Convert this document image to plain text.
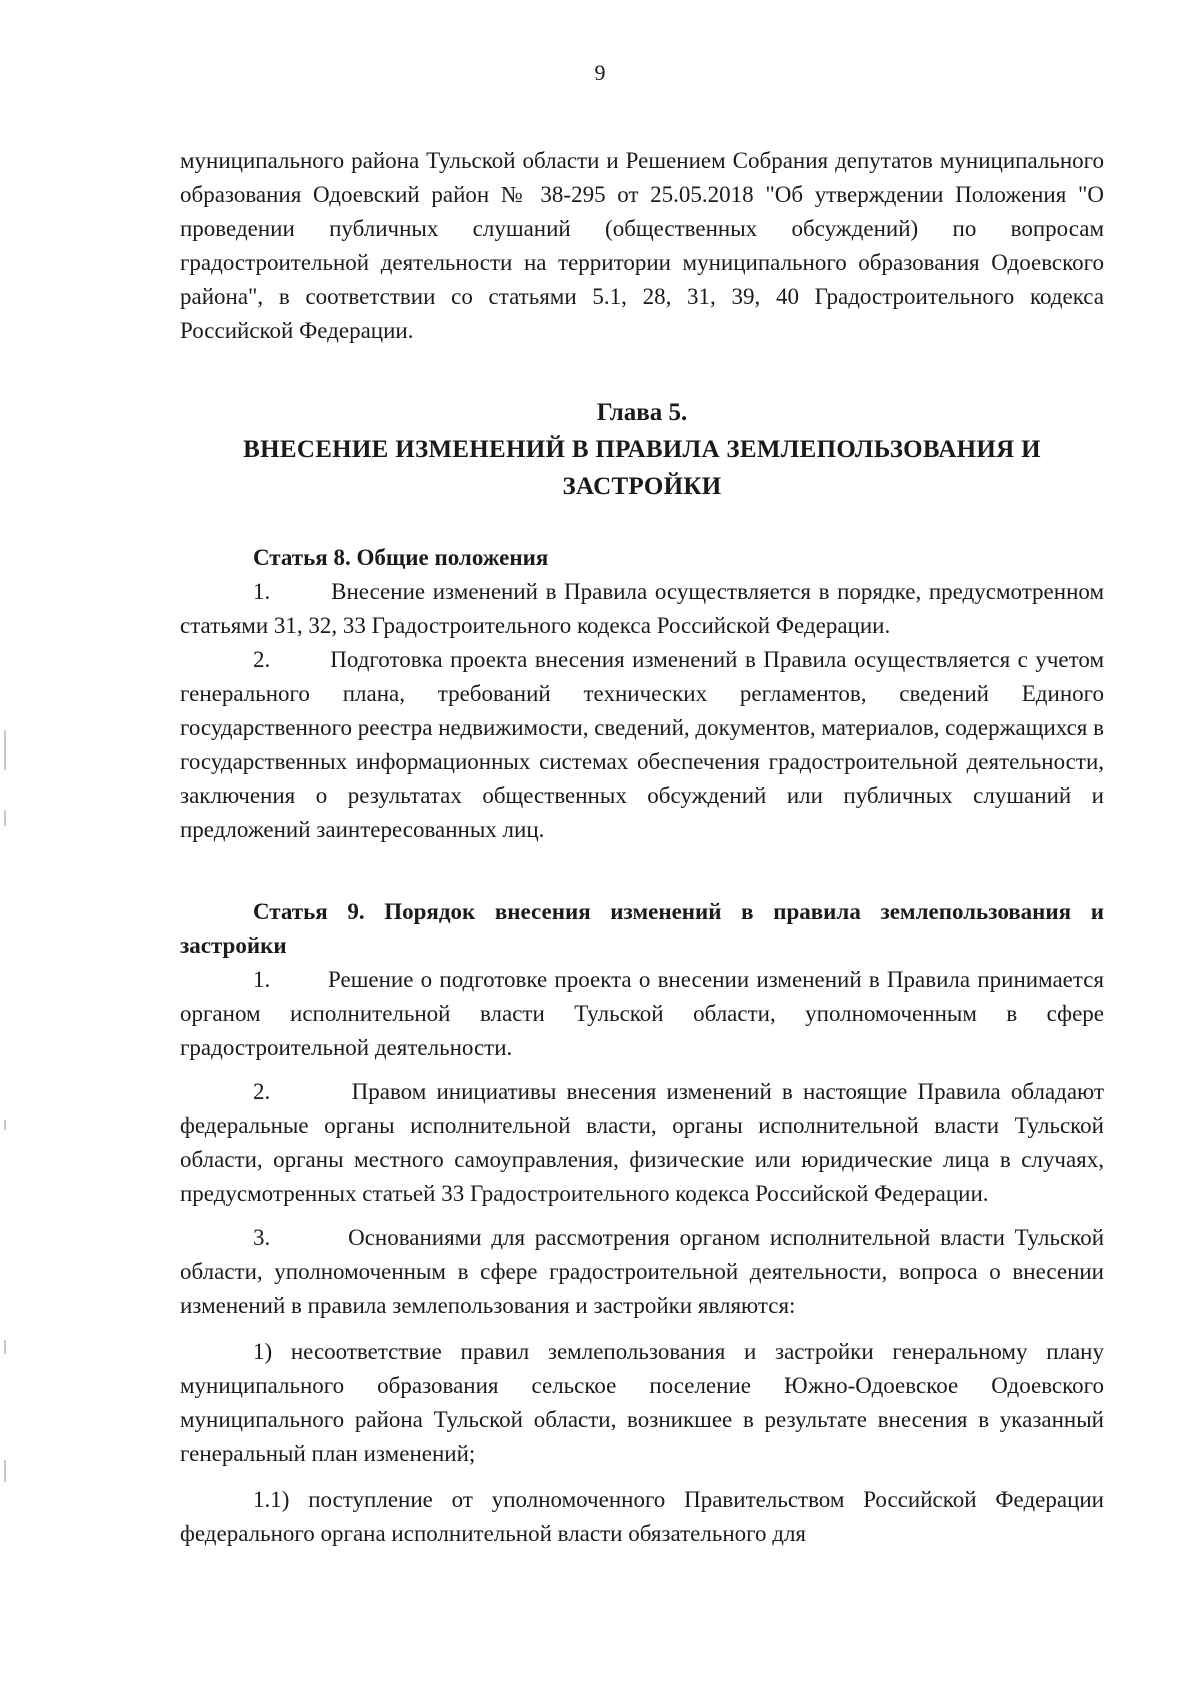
9

муниципального района Тульской области и Решением Собрания депутатов муниципального образования Одоевский район № 38-295 от 25.05.2018 "Об утверждении Положения "О проведении публичных слушаний (общественных обсуждений) по вопросам градостроительной деятельности на территории муниципального образования Одоевского района", в соответствии со статьями 5.1, 28, 31, 39, 40 Градостроительного кодекса Российской Федерации.

Глава 5.
ВНЕСЕНИЕ ИЗМЕНЕНИЙ В ПРАВИЛА ЗЕМЛЕПОЛЬЗОВАНИЯ И ЗАСТРОЙКИ

Статья 8. Общие положения

1.        Внесение изменений в Правила осуществляется в порядке, предусмотренном статьями 31, 32, 33 Градостроительного кодекса Российской Федерации.

2.        Подготовка проекта внесения изменений в Правила осуществляется с учетом генерального плана, требований технических регламентов, сведений Единого государственного реестра недвижимости, сведений, документов, материалов, содержащихся в государственных информационных системах обеспечения градостроительной деятельности, заключения о результатах общественных обсуждений или публичных слушаний и предложений заинтересованных лиц.

Статья 9. Порядок внесения изменений в правила землепользования и застройки

1.        Решение о подготовке проекта о внесении изменений в Правила принимается органом исполнительной власти Тульской области, уполномоченным в сфере градостроительной деятельности.

2.        Правом инициативы внесения изменений в настоящие Правила обладают федеральные органы исполнительной власти, органы исполнительной власти Тульской области, органы местного самоуправления, физические или юридические лица в случаях, предусмотренных статьей 33 Градостроительного кодекса Российской Федерации.

3.        Основаниями для рассмотрения органом исполнительной власти Тульской области, уполномоченным в сфере градостроительной деятельности, вопроса о внесении изменений в правила землепользования и застройки являются:

1) несоответствие правил землепользования и застройки генеральному плану муниципального образования сельское поселение Южно-Одоевское Одоевского муниципального района Тульской области, возникшее в результате внесения в указанный генеральный план изменений;

1.1) поступление от уполномоченного Правительством Российской Федерации федерального органа исполнительной власти обязательного для
